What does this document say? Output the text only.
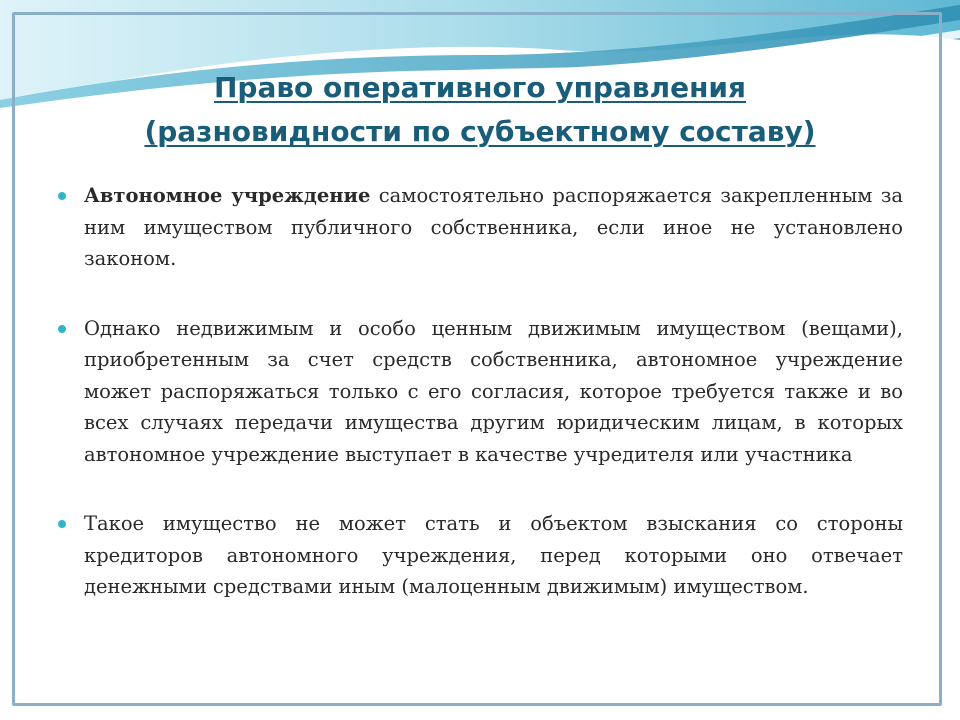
Право оперативного управления
(разновидности по субъектному составу)
Автономное учреждение самостоятельно распоряжается закрепленным за ним имуществом публичного собственника, если иное не установлено законом.
Однако недвижимым и особо ценным движимым имуществом (вещами), приобретенным за счет средств собственника, автономное учреждение может распоряжаться только с его согласия, которое требуется также и во всех случаях передачи имущества другим юридическим лицам, в которых автономное учреждение выступает в качестве учредителя или участника
Такое имущество не может стать и объектом взыскания со стороны кредиторов автономного учреждения, перед которыми оно отвечает денежными средствами иным (малоценным движимым) имуществом.
